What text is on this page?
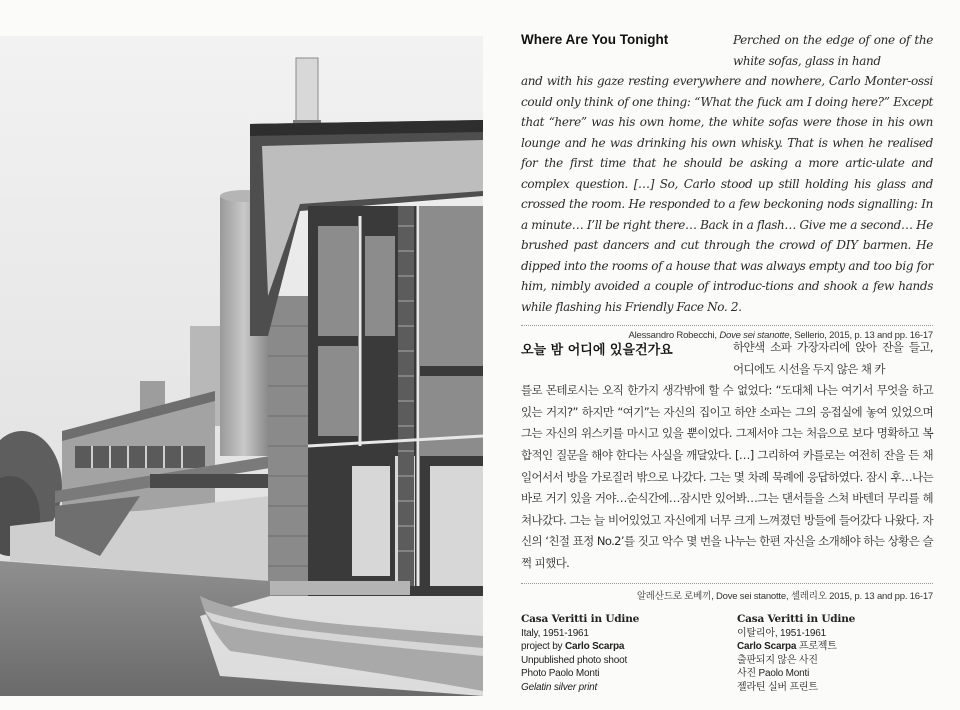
Where Are You Tonight	Perched on the edge of one of the white sofas, glass in hand

and with his gaze resting everywhere and nowhere, Carlo Monter-ossi could only think of one thing: “What the fuck am I doing here?” Except that “here” was his own home, the white sofas were those in his own lounge and he was drinking his own whisky. That is when he realised for the first time that he should be asking a more artic-ulate and complex question. […] So, Carlo stood up still holding his glass and crossed the room. He responded to a few beckoning nods signalling: In a minute… I’ll be right there… Back in a flash… Give me a second… He brushed past dancers and cut through the crowd of DIY barmen. He dipped into the rooms of a house that was always empty and too big for him, nimbly avoided a couple of introduc-tions and shook a few hands while flashing his Friendly Face No. 2.

Alessandro Robecchi, Dove sei stanotte, Sellerio, 2015, p. 13 and pp. 16-17
오늘 밤 어디에 있을건가요	하얀색 소파 가장자리에 앉아 잔을 들고, 어디에도 시선을 두지 않은 채 카

를로 몬테로시는 오직 한가지 생각밖에 할 수 없었다: “도대체 나는 여기서 무엇을 하고 있는 거지?” 하지만 “여기”는 자신의 집이고 하얀 소파는 그의 응접실에 놓여 있었으며 그는 자신의 위스키를 마시고 있을 뿐이었다. 그제서야 그는 처음으로 보다 명확하고 복합적인 질문을 해야 한다는 사실을 깨달았다. […] 그리하여 카를로는 여전히 잔을 든 채 일어서서 방을 가로질러 밖으로 나갔다. 그는 몇 차례 묵례에 응답하였다. 잠시 후…나는 바로 거기 있을 거야…순식간에…잠시만 있어봐…그는 댄서들을 스쳐 바텐더 무리를 헤쳐나갔다. 그는 늘 비어있었고 자신에게 너무 크게 느껴졌던 방들에 들어갔다 나왔다. 자신의 ‘친절 표정 No.2’를 짓고 악수 몇 번을 나누는 한편 자신을 소개해야 하는 상황은 슬쩍 피했다.

알레산드로 로베끼, Dove sei stanotte, 셀레리오 2015, p. 13 and pp. 16-17
Casa Veritti in Udine
Italy, 1951-1961
project by Carlo Scarpa
Unpublished photo shoot
Photo Paolo Monti
Gelatin silver print
Casa Veritti in Udine
이탈리아, 1951-1961
Carlo Scarpa 프로젝트
출판되지 않은 사진
사진 Paolo Monti
젤라틴 실버 프린트
